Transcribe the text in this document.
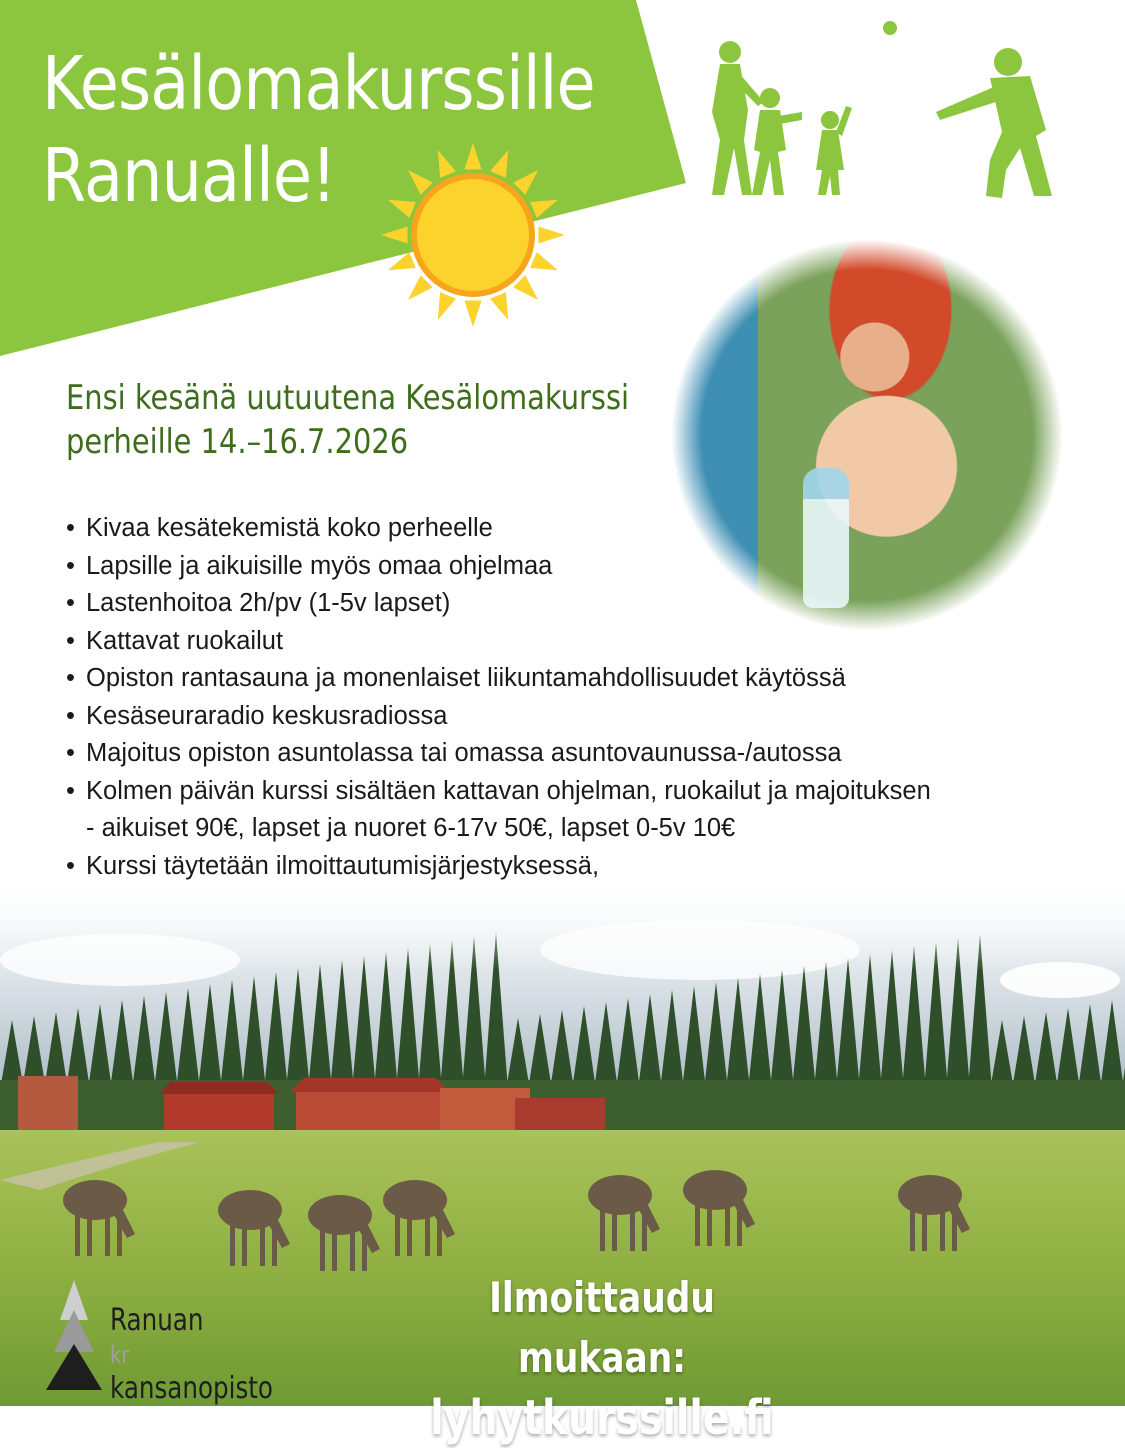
Kesälomakurssille
Ranualle!
Ensi kesänä uutuutena Kesälomakurssi
perheille 14.–16.7.2026
• Kivaa kesätekemistä koko perheelle
• Lapsille ja aikuisille myös omaa ohjelmaa
• Lastenhoitoa 2h/pv (1-5v lapset)
• Kattavat ruokailut
• Opiston rantasauna ja monenlaiset liikuntamahdollisuudet käytössä
• Kesäseuraradio keskusradiossa
• Majoitus opiston asuntolassa tai omassa asuntovaunussa-/autossa
• Kolmen päivän kurssi sisältäen kattavan ohjelman, ruokailut ja majoituksen
- aikuiset 90€, lapset ja nuoret 6-17v 50€, lapset 0-5v 10€
• Kurssi täytetään ilmoittautumisjärjestyksessä,
Ranuan
kr
kansanopisto

Ilmoittaudu mukaan:
lyhytkurssille.fi
